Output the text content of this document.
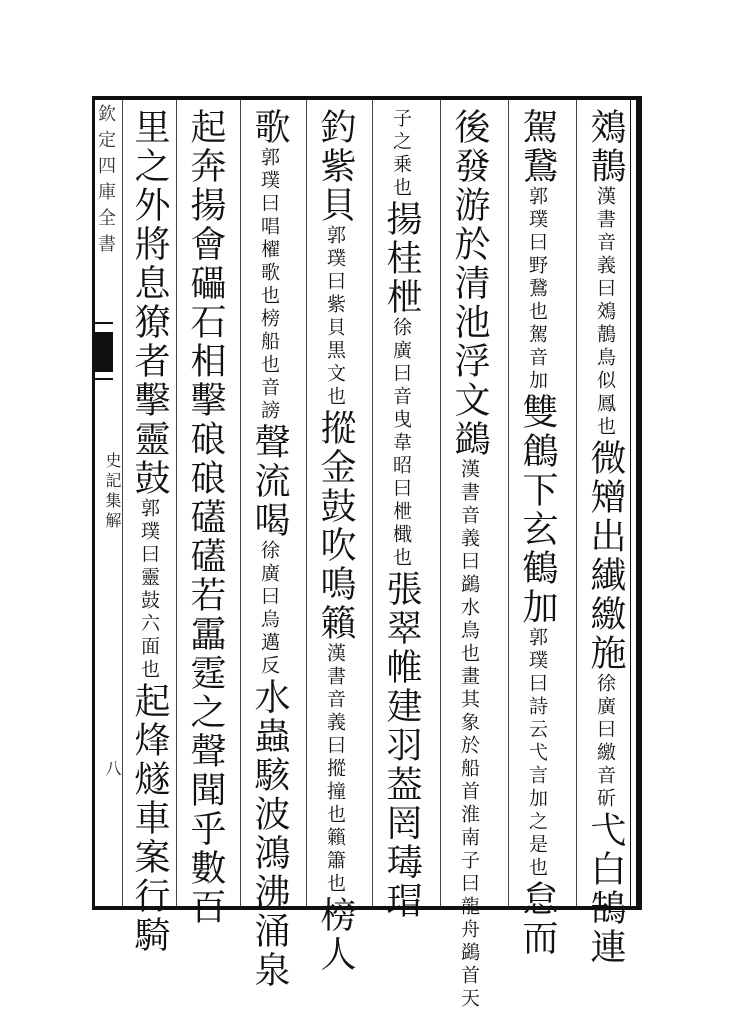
欽定四庫全書
史記集解
八
鵁鶄漢書音義曰鵁鶄鳥似鳳也微矰出纎繳施徐廣曰繳音斫弋白鵠連
駕鵞郭璞曰野鵞也駕音加雙鶬下玄鶴加郭璞曰詩云弋言加之是也怠而
後發游於清池浮文鷁漢書音義曰鷁水鳥也畫其象於船首淮南子曰龍舟鷁首天
子之乗也揚桂枻徐廣曰音曳韋昭曰枻檝也張翠帷建羽葢罔瑇瑁
釣紫貝郭璞曰紫貝黒文也摐金鼓吹鳴籟漢書音義曰摐撞也籟簫也榜人
歌郭璞曰唱櫂歌也榜船也音謗聲流喝徐廣曰烏邁反水蟲駭波鴻沸涌泉
起奔揚會礧石相擊硠硠礚礚若靁霆之聲聞乎數百
里之外將息獠者擊靈鼓郭璞曰靈鼓六面也起烽燧車案行騎
